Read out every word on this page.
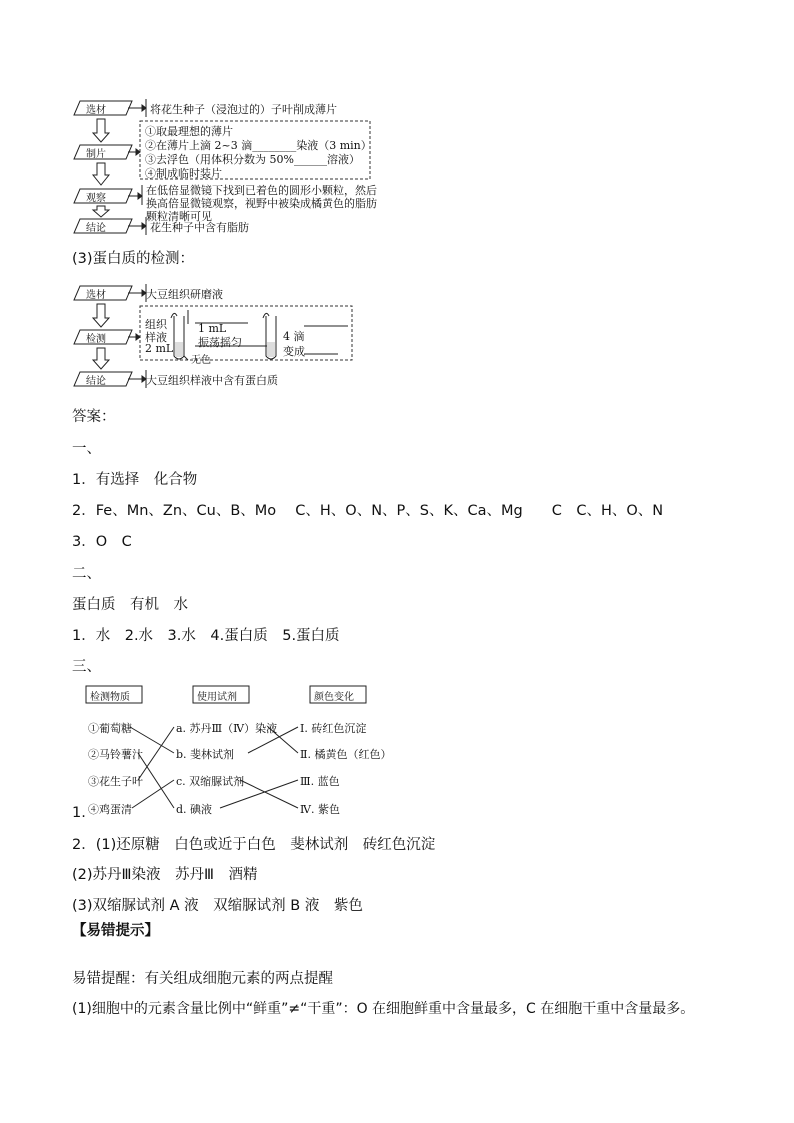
选材
制片
观察
结论
将花生种子（浸泡过的）子叶削成薄片
①取最理想的薄片
②在薄片上滴 2~3 滴________染液（3 min）
③去浮色（用体积分数为 50%______溶液）
④制成临时装片
在低倍显微镜下找到已着色的圆形小颗粒，然后
换高倍显微镜观察，视野中被染成橘黄色的脂肪
颗粒清晰可见
花生种子中含有脂肪
(3)蛋白质的检测：
选材
检测
结论
大豆组织研磨液
组织
样液
2 mL
1 mL
振荡摇匀
无色
4 滴
变成
大豆组织样液中含有蛋白质
答案：
一、
1．有选择　化合物
2．Fe、Mn、Zn、Cu、B、Mo　 C、H、O、N、P、S、K、Ca、Mg　　C　C、H、O、N
3．O　C
二、
蛋白质　有机　水
1．水　2.水　3.水　4.蛋白质　5.蛋白质
三、
检测物质	使用试剂	颜色变化
①葡萄糖
②马铃薯汁
③花生子叶
④鸡蛋清
a. 苏丹Ⅲ（Ⅳ）染液
b. 斐林试剂
c. 双缩脲试剂
d. 碘液
Ⅰ. 砖红色沉淀
Ⅱ. 橘黄色（红色）
Ⅲ. 蓝色
Ⅳ. 紫色
1.
2．(1)还原糖　白色或近于白色　斐林试剂　砖红色沉淀
(2)苏丹Ⅲ染液　苏丹Ⅲ　酒精
(3)双缩脲试剂 A 液　双缩脲试剂 B 液　紫色
【易错提示】
易错提醒：有关组成细胞元素的两点提醒
(1)细胞中的元素含量比例中“鲜重”≠“干重”：O 在细胞鲜重中含量最多，C 在细胞干重中含量最多。
